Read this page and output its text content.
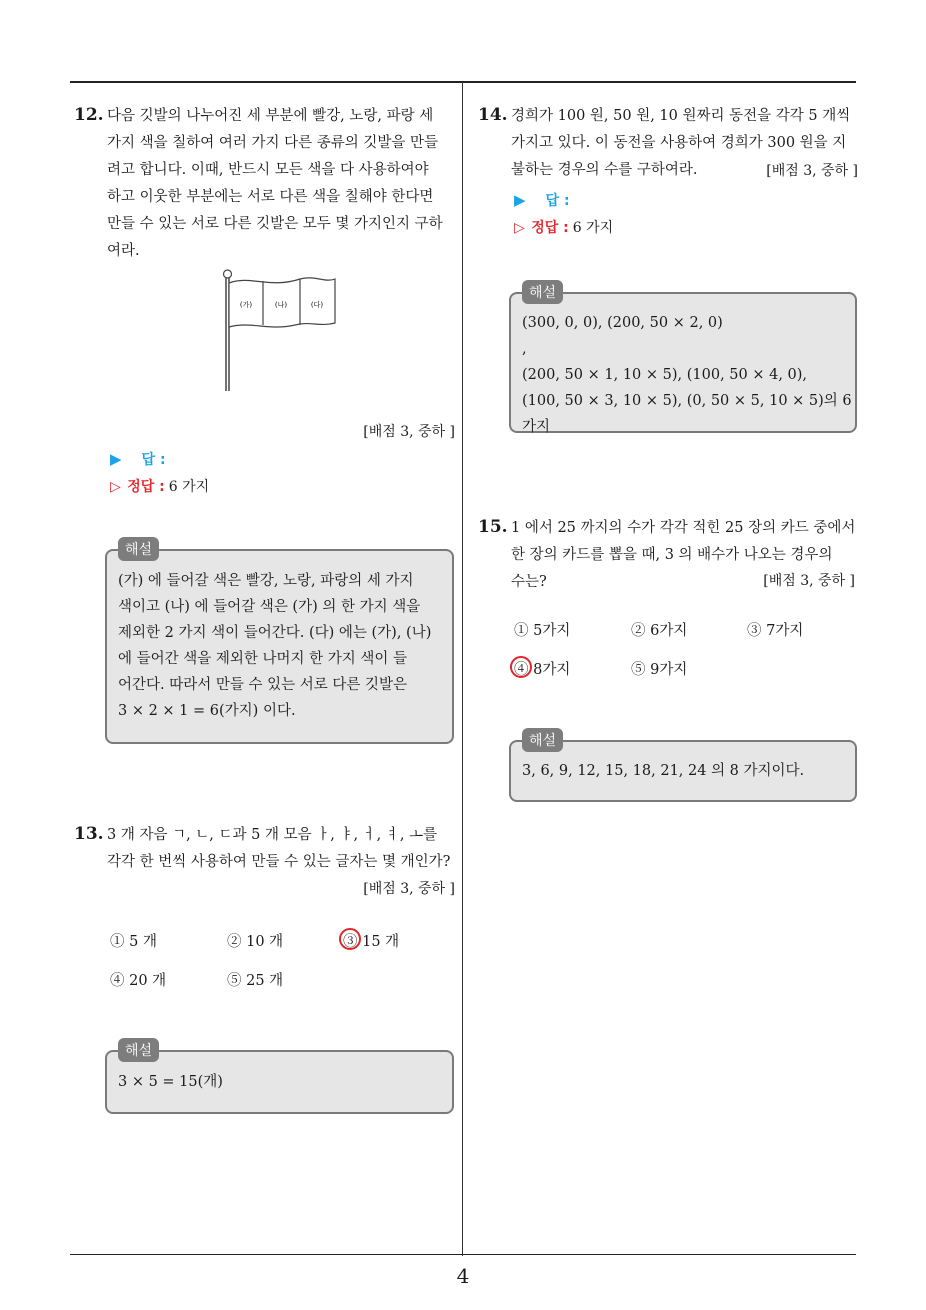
12. 다음 깃발의 나누어진 세 부분에 빨강, 노랑, 파랑 세
가지 색을 칠하여 여러 가지 다른 종류의 깃발을 만들
려고 합니다. 이때, 반드시 모든 색을 다 사용하여야
하고 이웃한 부분에는 서로 다른 색을 칠해야 한다면
만들 수 있는 서로 다른 깃발은 모두 몇 가지인지 구하
여라.
(가)	(나)	(다)
[배점 3, 중하 ]
▶ 답 :
▷ 정답 : 6 가지
해설
(가) 에 들어갈 색은 빨강, 노랑, 파랑의 세 가지
색이고 (나) 에 들어갈 색은 (가) 의 한 가지 색을
제외한 2 가지 색이 들어간다. (다) 에는 (가), (나)
에 들어간 색을 제외한 나머지 한 가지 색이 들
어간다. 따라서 만들 수 있는 서로 다른 깃발은
3 × 2 × 1 = 6(가지) 이다.
13. 3 개 자음 ㄱ, ㄴ, ㄷ과 5 개 모음 ㅏ, ㅑ, ㅓ, ㅕ, ㅗ를
각각 한 번씩 사용하여 만들 수 있는 글자는 몇 개인가?
[배점 3, 중하 ]
① 5 개	② 10 개	③ 15 개
④ 20 개	⑤ 25 개
해설
3 × 5 = 15(개)
14. 경희가 100 원, 50 원, 10 원짜리 동전을 각각 5 개씩
가지고 있다. 이 동전을 사용하여 경희가 300 원을 지
불하는 경우의 수를 구하여라.	[배점 3, 중하 ]
▶ 답 :
▷ 정답 : 6 가지
해설
(300, 0, 0), (200, 50 × 2, 0)
,
(200, 50 × 1, 10 × 5), (100, 50 × 4, 0),
(100, 50 × 3, 10 × 5), (0, 50 × 5, 10 × 5)의 6가지
15. 1 에서 25 까지의 수가 각각 적힌 25 장의 카드 중에서
한 장의 카드를 뽑을 때, 3 의 배수가 나오는 경우의
수는?	[배점 3, 중하 ]
① 5가지	② 6가지	③ 7가지
④ 8가지	⑤ 9가지
해설
3, 6, 9, 12, 15, 18, 21, 24 의 8 가지이다.
4
